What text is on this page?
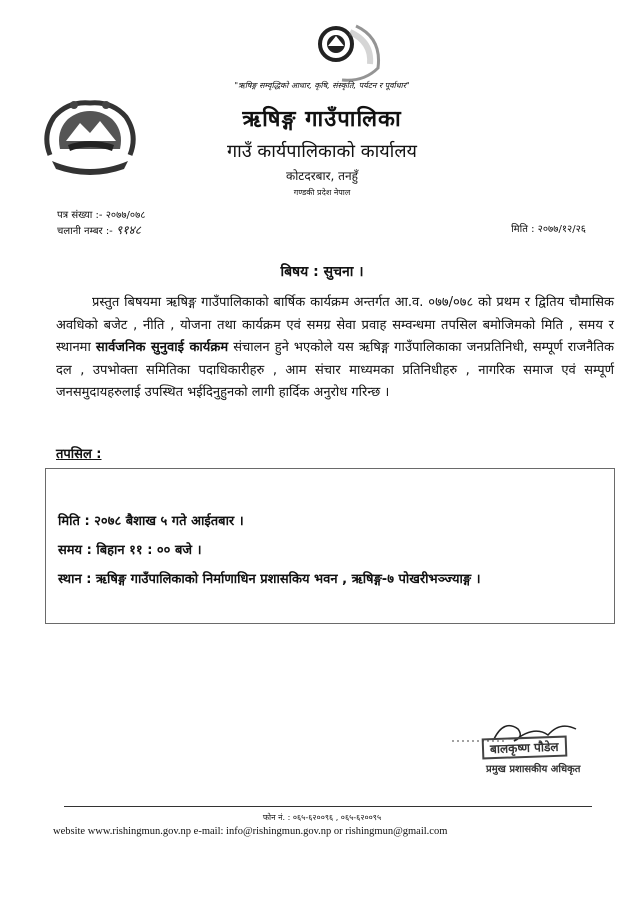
"ऋषिङ्ग सम्वृद्धिको आधार, कृषि, संस्कृति, पर्यटन र पूर्वाधार"
ऋषिङ्ग गाउँपालिका
गाउँ कार्यपालिकाको कार्यालय
कोटदरबार, तनहुँ
गण्डकी प्रदेश नेपाल
पत्र संख्या :- २०७७/०७८
चलानी नम्बर :- ९१४८	मिति : २०७७/१२/२६
बिषय : सुचना ।
प्रस्तुत बिषयमा ऋषिङ्ग गाउँपालिकाको बार्षिक कार्यक्रम अन्तर्गत आ.व. ०७७/०७८ को प्रथम र द्वितिय चौमासिक अवधिको बजेट , नीति , योजना तथा कार्यक्रम एवं समग्र सेवा प्रवाह सम्वन्धमा तपसिल बमोजिमको मिति , समय र स्थानमा सार्वजनिक सुनुवाई कार्यक्रम संचालन हुने भएकोले यस ऋषिङ्ग गाउँपालिकाका जनप्रतिनिधी, सम्पूर्ण राजनैतिक दल , उपभोक्ता समितिका पदाधिकारीहरु , आम संचार माध्यमका प्रतिनिधीहरु , नागरिक समाज एवं सम्पूर्ण जनसमुदायहरुलाई उपस्थित भईदिनुहुनको लागी हार्दिक अनुरोध गरिन्छ ।
तपसिल :
मिति : २०७८ बैशाख ५ गते आईतबार ।
समय : बिहान ११ : ०० बजे ।
स्थान : ऋषिङ्ग गाउँपालिकाको निर्माणाधिन प्रशासकिय भवन , ऋषिङ्ग-७ पोखरीभञ्ज्याङ्ग ।
बालकृष्ण पौडेल
प्रमुख प्रशासकीय अधिकृत
फोन नं. : ०६५-६२००९६ , ०६५-६२००९५
website www.rishingmun.gov.np e-mail: info@rishingmun.gov.np or rishingmun@gmail.com
